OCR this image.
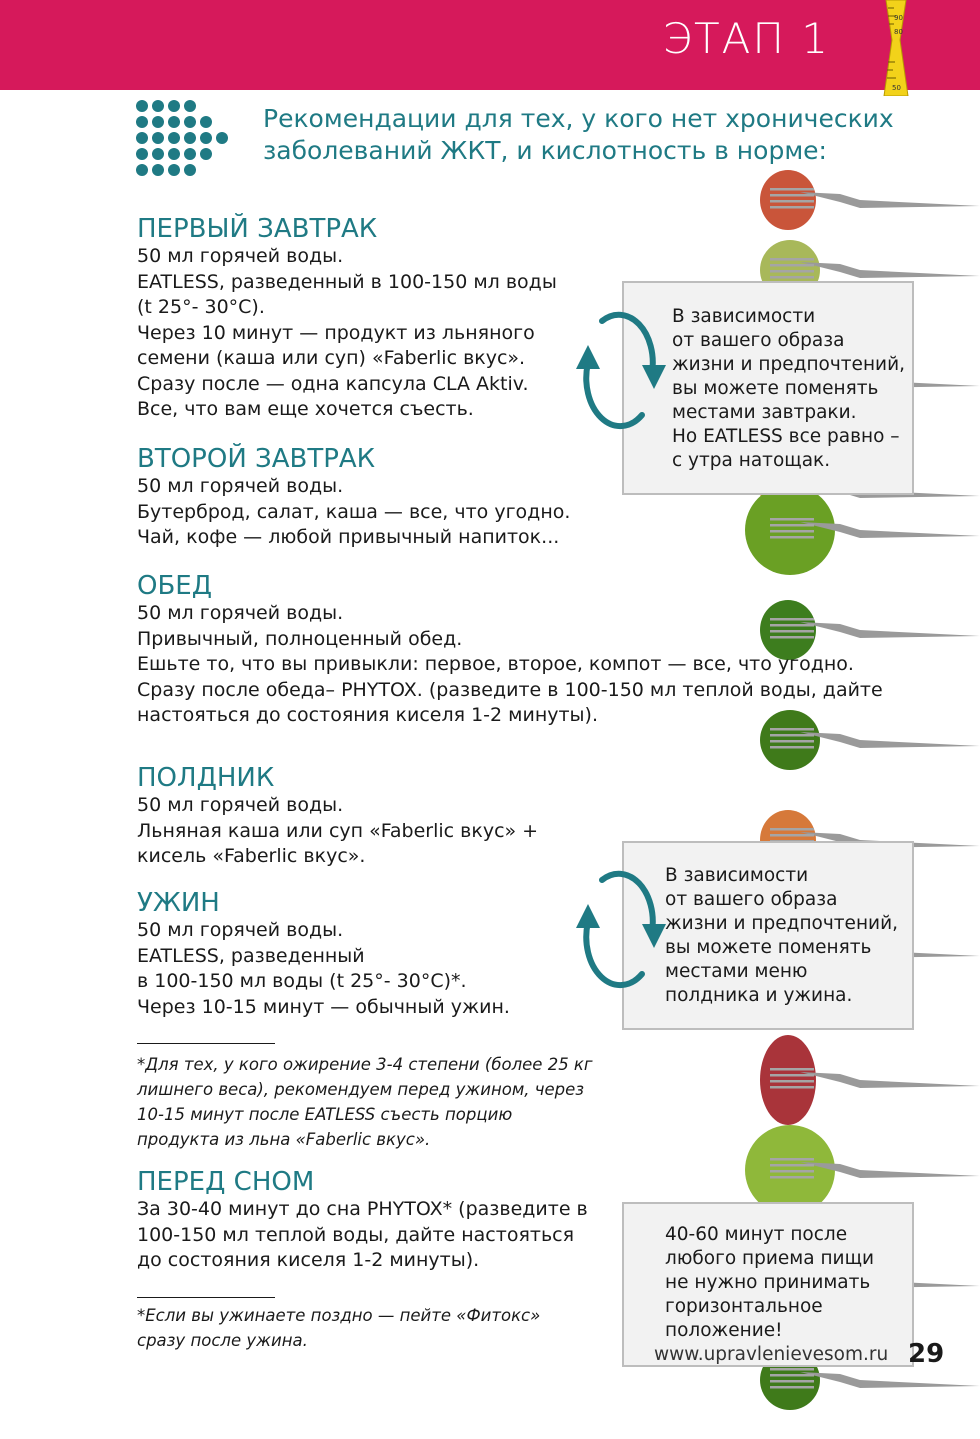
ЭТАП 1	90
80
50
Рекомендации для тех, у кого нет хронических
заболеваний ЖКТ, и кислотность в норме:
ПЕРВЫЙ ЗАВТРАК
50 мл горячей воды.
EATLESS, разведенный в 100-150 мл воды
(t 25°- 30°C).
Через 10 минут — продукт из льняного
семени (каша или суп) «Faberlic вкус».
Сразу после — одна капсула CLA Aktiv.
Все, что вам еще хочется съесть.
ВТОРОЙ ЗАВТРАК
50 мл горячей воды.
Бутерброд, салат, каша — все, что угодно.
Чай, кофе — любой привычный напиток...
ОБЕД
50 мл горячей воды.
Привычный, полноценный обед.
Ешьте то, что вы привыкли: первое, второе, компот — все, что угодно.
Сразу после обеда– PHYTOX. (разведите в 100-150 мл теплой воды, дайте
настояться до состояния киселя 1-2 минуты).
ПОЛДНИК
50 мл горячей воды.
Льняная каша или суп «Faberlic вкус» +
кисель «Faberlic вкус».
УЖИН
50 мл горячей воды.
EATLESS, разведенный
в 100-150 мл воды (t 25°- 30°C)*.
Через 10-15 минут — обычный ужин.
*Для тех, у кого ожирение 3-4 степени (более 25 кг
лишнего веса), рекомендуем перед ужином, через
10-15 минут после EATLESS съесть порцию
продукта из льна «Faberlic вкус».
ПЕРЕД СНОМ
За 30-40 минут до сна PHYTOX* (разведите в
100-150 мл теплой воды, дайте настояться
до состояния киселя 1-2 минуты).
*Если вы ужинаете поздно — пейте «Фитокс»
сразу после ужина.
В зависимости
от вашего образа
жизни и предпочтений,
вы можете поменять
местами завтраки.
Но EATLESS все равно –
с утра натощак.
В зависимости
от вашего образа
жизни и предпочтений,
вы можете поменять
местами меню
полдника и ужина.
40-60 минут после
любого приема пищи
не нужно принимать
горизонтальное
положение!
www.upravlenievesom.ru 29
